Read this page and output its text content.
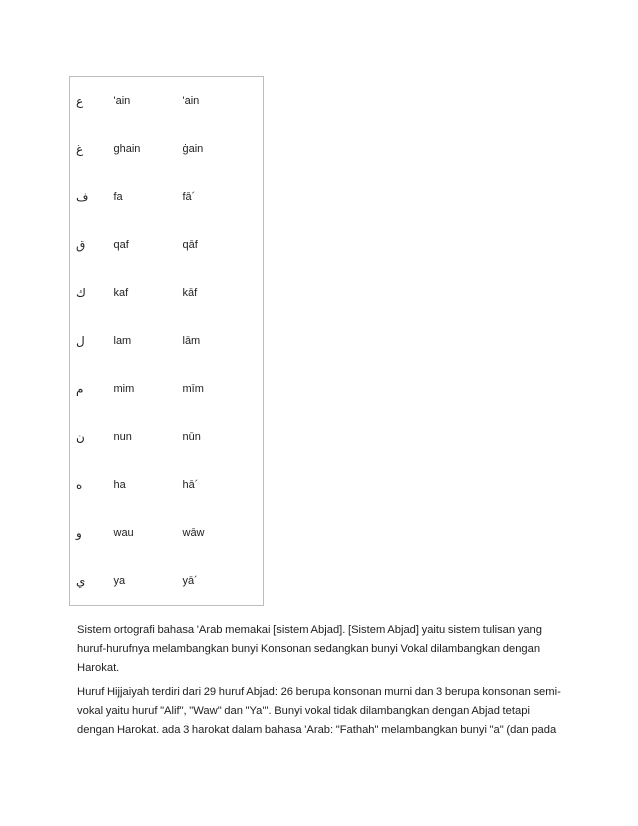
ع	'ain	'ain
غ	ghain	ġain
ف	fa	fā´
ق	qaf	qāf
ك	kaf	kāf
ل	lam	lām
م	mim	mīm
ن	nun	nūn
ه	ha	hā´
و	wau	wāw
ي	ya	yā´
Sistem ortografi bahasa 'Arab memakai [sistem Abjad]. [Sistem Abjad] yaitu sistem tulisan yang
huruf-hurufnya melambangkan bunyi Konsonan sedangkan bunyi Vokal dilambangkan dengan
Harokat.
Huruf Hijjaiyah terdiri dari 29 huruf Abjad: 26 berupa konsonan murni dan 3 berupa konsonan semi-
vokal yaitu huruf "Alif", "Waw" dan "Ya'". Bunyi vokal tidak dilambangkan dengan Abjad tetapi
dengan Harokat. ada 3 harokat dalam bahasa 'Arab: "Fathah" melambangkan bunyi "a" (dan pada
